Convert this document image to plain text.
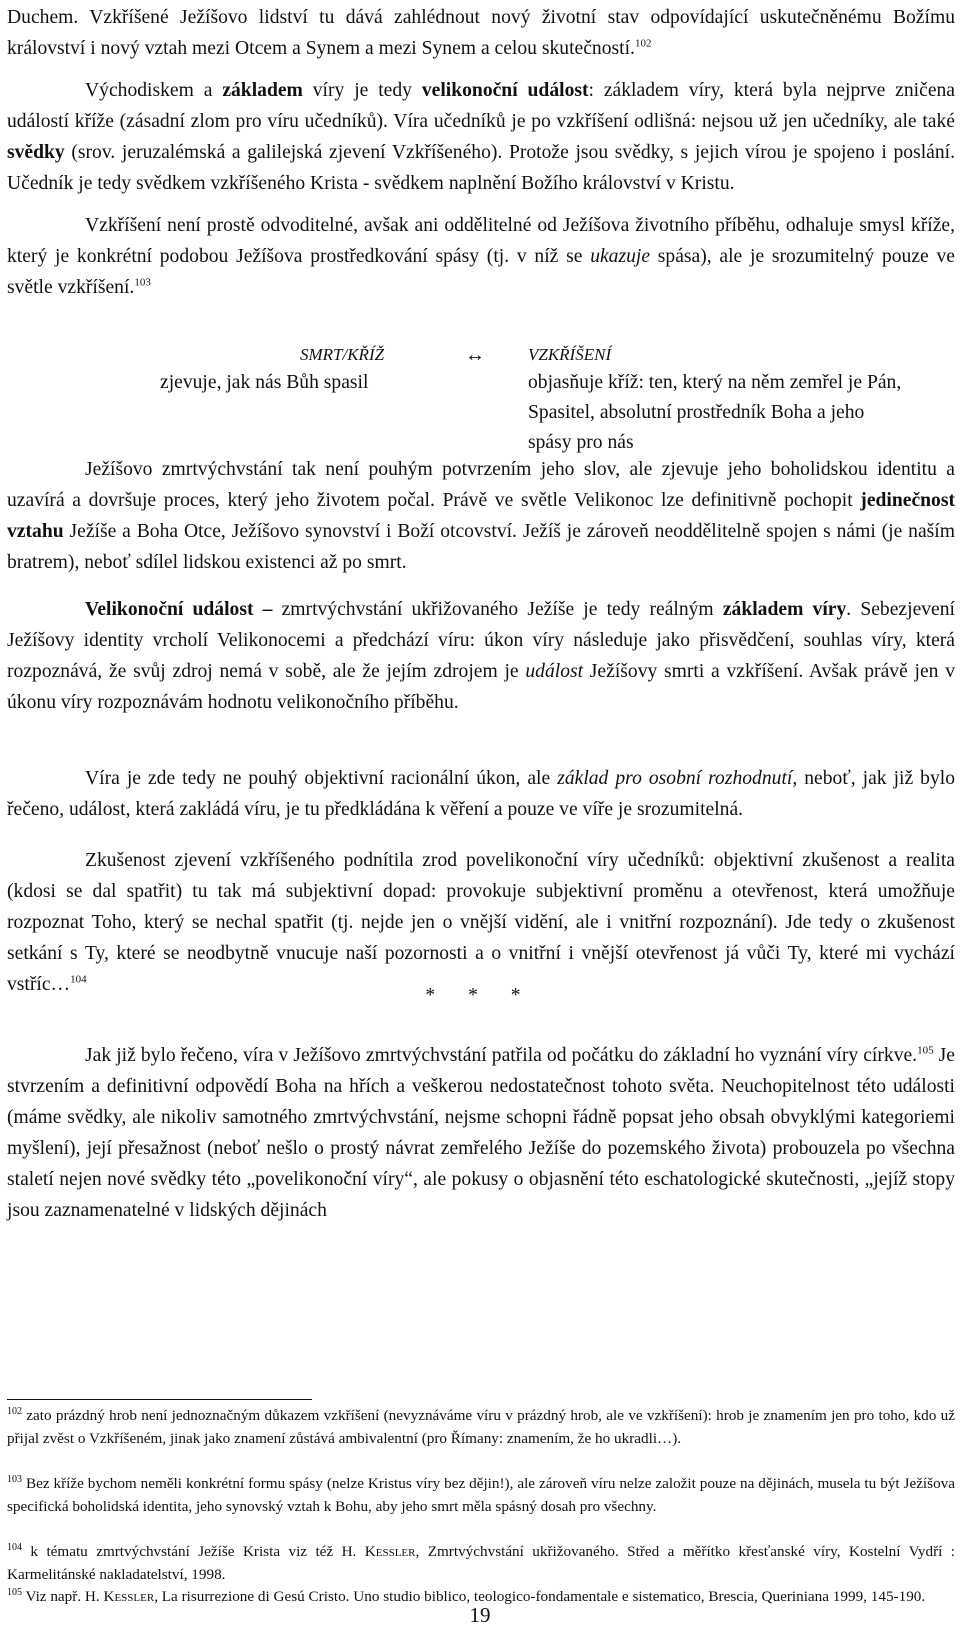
Duchem. Vzkříšené Ježíšovo lidství tu dává zahlédnout nový životní stav odpovídající uskutečněnému Božímu království i nový vztah mezi Otcem a Synem a mezi Synem a celou skutečností.$^{102}$

Východiskem a základem víry je tedy velikonoční událost: základem víry, která byla nejprve zničena událostí kříže (zásadní zlom pro víru učedníků). Víra učedníků je po vzkříšení odlišná: nejsou už jen učedníky, ale také svědky (srov. jeruzalémská a galilejská zjevení Vzkříšeného). Protože jsou svědky, s jejich vírou je spojeno i poslání. Učedník je tedy svědkem vzkříšeného Krista - svědkem naplnění Božího království v Kristu.

Vzkříšení není prostě odvoditelné, avšak ani oddělitelné od Ježíšova životního příběhu, odhaluje smysl kříže, který je konkrétní podobou Ježíšova prostředkování spásy (tj. v níž se ukazuje spása), ale je srozumitelný pouze ve světle vzkříšení.$^{103}$

SMRT/KŘÍŽ
zjevuje, jak nás Bůh spasil
↔	VZKŘÍŠENÍ
objasňuje kříž: ten, který na něm zemřel je Pán, Spasitel, absolutní prostředník Boha a jeho spásy pro nás

Ježíšovo zmrtvýchvstání tak není pouhým potvrzením jeho slov, ale zjevuje jeho boholidskou identitu a uzavírá a dovršuje proces, který jeho životem počal. Právě ve světle Velikonoc lze definitivně pochopit jedinečnost vztahu Ježíše a Boha Otce, Ježíšovo synovství i Boží otcovství. Ježíš je zároveň neoddělitelně spojen s námi (je naším bratrem), neboť sdílel lidskou existenci až po smrt.

Velikonoční událost – zmrtvýchvstání ukřižovaného Ježíše je tedy reálným základem víry. Sebezjevení Ježíšovy identity vrcholí Velikonocemi a předchází víru: úkon víry následuje jako přisvědčení, souhlas víry, která rozpoznává, že svůj zdroj nemá v sobě, ale že jejím zdrojem je událost Ježíšovy smrti a vzkříšení. Avšak právě jen v úkonu víry rozpoznávám hodnotu velikonočního příběhu.

Víra je zde tedy ne pouhý objektivní racionální úkon, ale základ pro osobní rozhodnutí, neboť, jak již bylo řečeno, událost, která zakládá víru, je tu předkládána k věření a pouze ve víře je srozumitelná.

Zkušenost zjevení vzkříšeného podnítila zrod povelikonoční víry učedníků: objektivní zkušenost a realita (kdosi se dal spatřit) tu tak má subjektivní dopad: provokuje subjektivní proměnu a otevřenost, která umožňuje rozpoznat Toho, který se nechal spatřit (tj. nejde jen o vnější vidění, ale i vnitřní rozpoznání). Jde tedy o zkušenost setkání s Ty, které se neodbytně vnucuje naší pozornosti a o vnitřní i vnější otevřenost já vůči Ty, které mi vychází vstříc…$^{104}$

* * *

Jak již bylo řečeno, víra v Ježíšovo zmrtvýchvstání patřila od počátku do základní ho vyznání víry církve.$^{105}$ Je stvrzením a definitivní odpovědí Boha na hřích a veškerou nedostatečnost tohoto světa. Neuchopitelnost této události (máme svědky, ale nikoliv samotného zmrtvýchvstání, nejsme schopni řádně popsat jeho obsah obvyklými kategoriemi myšlení), její přesažnost (neboť nešlo o prostý návrat zemřelého Ježíše do pozemského života) probouzela po všechna staletí nejen nové svědky této „povelikonoční víry“, ale pokusy o objasnění této eschatologické skutečnosti, „jejíž stopy jsou zaznamenatelné v lidských dějinách

$^{102}$ zato prázdný hrob není jednoznačným důkazem vzkříšení (nevyznáváme víru v prázdný hrob, ale ve vzkříšení): hrob je znamením jen pro toho, kdo už přijal zvěst o Vzkříšeném, jinak jako znamení zůstává ambivalentní (pro Římany: znamením, že ho ukradli…).

$^{103}$ Bez kříže bychom neměli konkrétní formu spásy (nelze Kristus víry bez dějin!), ale zároveň víru nelze založit pouze na dějinách, musela tu být Ježíšova specifická boholidská identita, jeho synovský vztah k Bohu, aby jeho smrt měla spásný dosah pro všechny.

$^{104}$ k tématu zmrtvýchvstání Ježíše Krista viz též H. Kessler, Zmrtvýchvstání ukřižovaného. Střed a měřítko křesťanské víry, Kostelní Vydří : Karmelitánské nakladatelství, 1998.

$^{105}$ Viz např. H. Kessler, La risurrezione di Gesú Cristo. Uno studio biblico, teologico-fondamentale e sistematico, Brescia, Queriniana 1999, 145-190.

19
